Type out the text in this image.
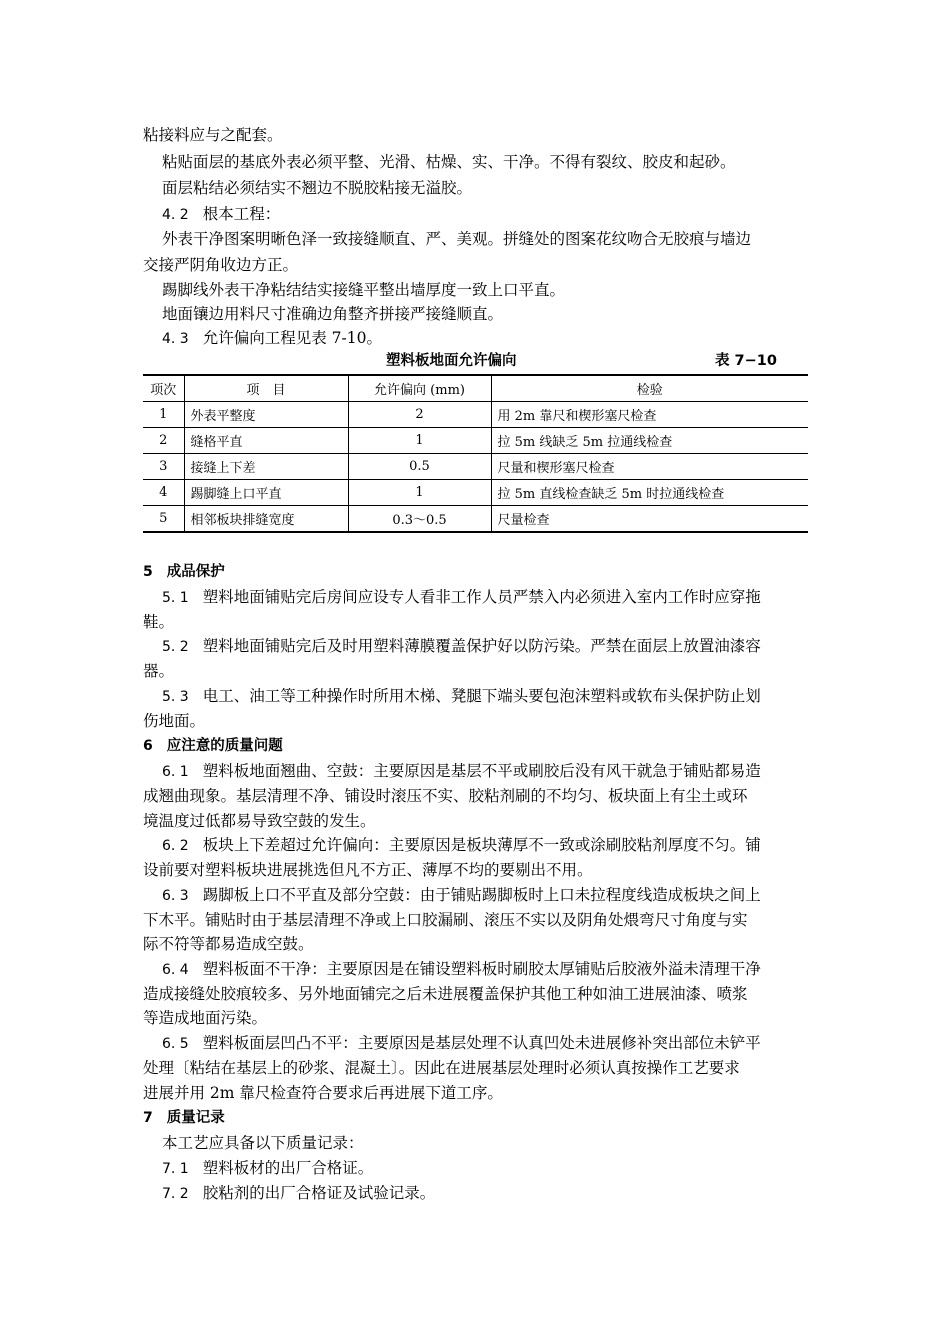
粘接料应与之配套。
粘贴面层的基底外表必须平整、光滑、枯燥、实、干净。不得有裂纹、胶皮和起砂。
面层粘结必须结实不翘边不脱胶粘接无溢胶。
4. 2 根本工程：
外表干净图案明晰色泽一致接缝顺直、严、美观。拼缝处的图案花纹吻合无胶痕与墙边
交接严阴角收边方正。
踢脚线外表干净粘结结实接缝平整出墙厚度一致上口平直。
地面镶边用料尺寸准确边角整齐拼接严接缝顺直。
4. 3 允许偏向工程见表 7-10。
塑料板地面允许偏向	表 7−10
项次	项　目	允许偏向 (mm)	检验
1	外表平整度	2	用 2m 靠尺和楔形塞尺检查
2	缝格平直	1	拉 5m 线缺乏 5m 拉通线检查
3	接缝上下差	0.5	尺量和楔形塞尺检查
4	踢脚缝上口平直	1	拉 5m 直线检查缺乏 5m 时拉通线检查
5	相邻板块排缝宽度	0.3～0.5	尺量检查
5 成品保护
5. 1 塑料地面铺贴完后房间应设专人看非工作人员严禁入内必须进入室内工作时应穿拖
鞋。
5. 2 塑料地面铺贴完后及时用塑料薄膜覆盖保护好以防污染。严禁在面层上放置油漆容
器。
5. 3 电工、油工等工种操作时所用木梯、凳腿下端头要包泡沫塑料或软布头保护防止划
伤地面。
6 应注意的质量问题
6. 1 塑料板地面翘曲、空鼓：主要原因是基层不平或刷胶后没有风干就急于铺贴都易造
成翘曲现象。基层清理不净、铺设时滚压不实、胶粘剂刷的不均匀、板块面上有尘土或环
境温度过低都易导致空鼓的发生。
6. 2 板块上下差超过允许偏向：主要原因是板块薄厚不一致或涂刷胶粘剂厚度不匀。铺
设前要对塑料板块进展挑选但凡不方正、薄厚不均的要剔出不用。
6. 3 踢脚板上口不平直及部分空鼓：由于铺贴踢脚板时上口未拉程度线造成板块之间上
下木平。铺贴时由于基层清理不净或上口胶漏刷、滚压不实以及阴角处煨弯尺寸角度与实
际不符等都易造成空鼓。
6. 4 塑料板面不干净：主要原因是在铺设塑料板时刷胶太厚铺贴后胶液外溢未清理干净
造成接缝处胶痕较多、另外地面铺完之后未进展覆盖保护其他工种如油工进展油漆、喷浆
等造成地面污染。
6. 5 塑料板面层凹凸不平：主要原因是基层处理不认真凹处未进展修补突出部位未铲平
处理〔粘结在基层上的砂浆、混凝土〕。因此在进展基层处理时必须认真按操作工艺要求
进展并用 2m 靠尺检查符合要求后再进展下道工序。
7 质量记录
本工艺应具备以下质量记录：
7. 1 塑料板材的出厂合格证。
7. 2 胶粘剂的出厂合格证及试验记录。
